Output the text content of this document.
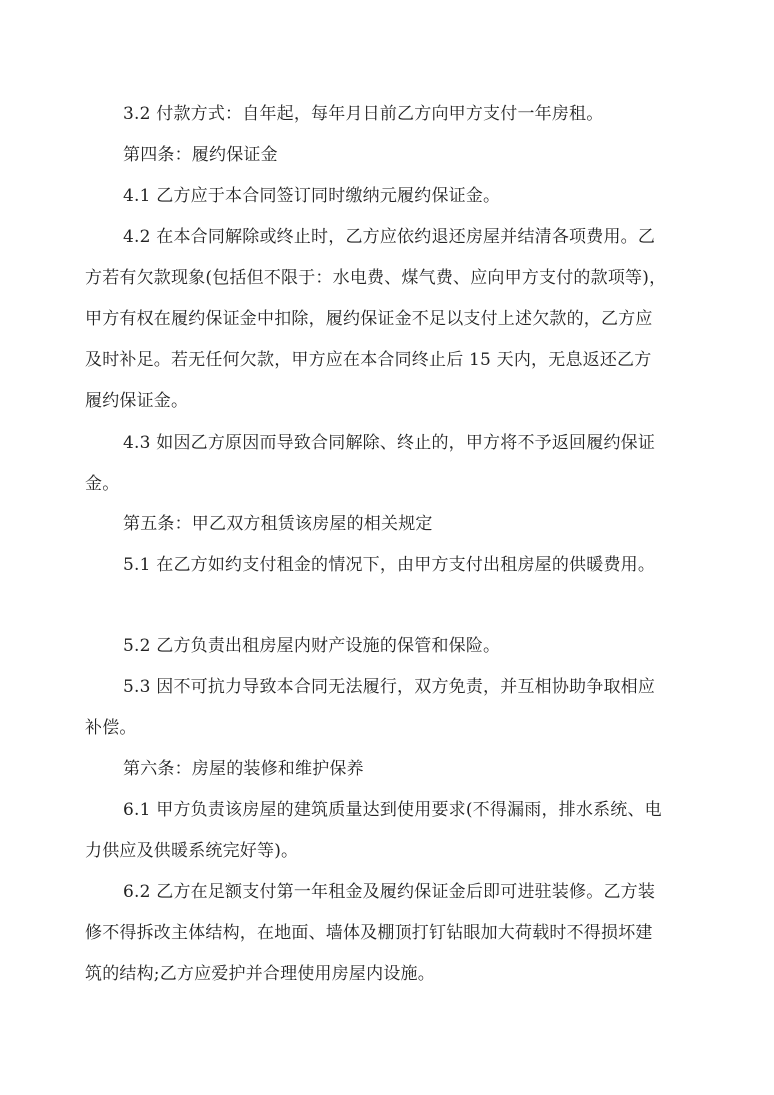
3.2 付款方式：自年起，每年月日前乙方向甲方支付一年房租。
第四条：履约保证金
4.1 乙方应于本合同签订同时缴纳元履约保证金。
4.2 在本合同解除或终止时，乙方应依约退还房屋并结清各项费用。乙
方若有欠款现象(包括但不限于：水电费、煤气费、应向甲方支付的款项等)，
甲方有权在履约保证金中扣除，履约保证金不足以支付上述欠款的，乙方应
及时补足。若无任何欠款，甲方应在本合同终止后 15 天内，无息返还乙方
履约保证金。
4.3 如因乙方原因而导致合同解除、终止的，甲方将不予返回履约保证
金。
第五条：甲乙双方租赁该房屋的相关规定
5.1 在乙方如约支付租金的情况下，由甲方支付出租房屋的供暖费用。
5.2 乙方负责出租房屋内财产设施的保管和保险。
5.3 因不可抗力导致本合同无法履行，双方免责，并互相协助争取相应
补偿。
第六条：房屋的装修和维护保养
6.1 甲方负责该房屋的建筑质量达到使用要求(不得漏雨，排水系统、电
力供应及供暖系统完好等)。
6.2 乙方在足额支付第一年租金及履约保证金后即可进驻装修。乙方装
修不得拆改主体结构，在地面、墙体及棚顶打钉钻眼加大荷载时不得损坏建
筑的结构;乙方应爱护并合理使用房屋内设施。
